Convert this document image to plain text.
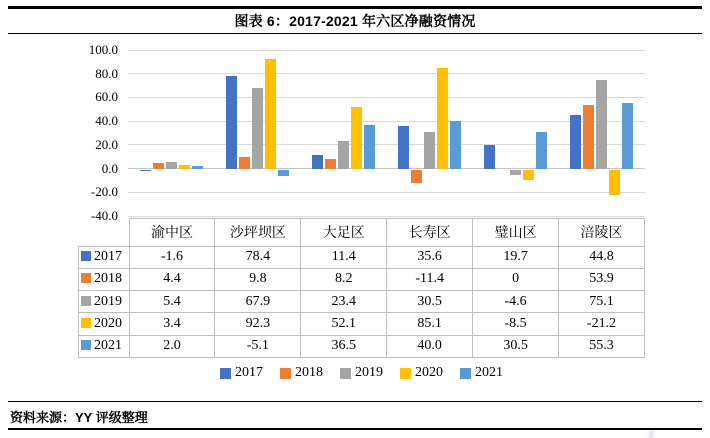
图表 6：2017-2021 年六区净融资情况
100.0
80.0
60.0
40.0
20.0
0.0
-20.0
-40.0
	渝中区	沙坪坝区	大足区	长寿区	璧山区	涪陵区
2017	-1.6	78.4	11.4	35.6	19.7	44.8
2018	4.4	9.8	8.2	-11.4	0	53.9
2019	5.4	67.9	23.4	30.5	-4.6	75.1
2020	3.4	92.3	52.1	85.1	-8.5	-21.2
2021	2.0	-5.1	36.5	40.0	30.5	55.3
2017 2018 2019 2020 2021
资料来源：YY 评级整理
